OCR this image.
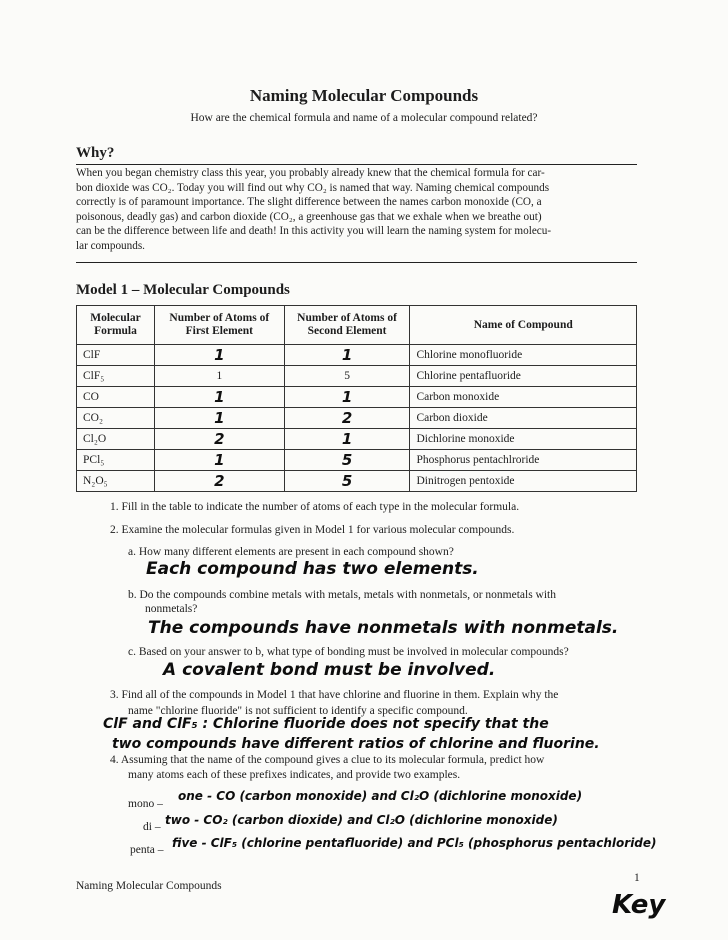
Naming Molecular Compounds
How are the chemical formula and name of a molecular compound related?
Why?
When you began chemistry class this year, you probably already knew that the chemical formula for car-
bon dioxide was CO₂. Today you will find out why CO₂ is named that way. Naming chemical compounds
correctly is of paramount importance. The slight difference between the names carbon monoxide (CO, a
poisonous, deadly gas) and carbon dioxide (CO₂, a greenhouse gas that we exhale when we breathe out)
can be the difference between life and death! In this activity you will learn the naming system for molecu-
lar compounds.
Model 1 – Molecular Compounds
Molecular Formula	Number of Atoms of First Element	Number of Atoms of Second Element	Name of Compound
ClF	1	1	Chlorine monofluoride
ClF₅	1	5	Chlorine pentafluoride
CO	1	1	Carbon monoxide
CO₂	1	2	Carbon dioxide
Cl₂O	2	1	Dichlorine monoxide
PCl₅	1	5	Phosphorus pentachlroride
N₂O₅	2	5	Dinitrogen pentoxide
1. Fill in the table to indicate the number of atoms of each type in the molecular formula.
2. Examine the molecular formulas given in Model 1 for various molecular compounds.
a. How many different elements are present in each compound shown?
Each compound has two elements.
b. Do the compounds combine metals with metals, metals with nonmetals, or nonmetals with
nonmetals?
The compounds have nonmetals with nonmetals.
c. Based on your answer to b, what type of bonding must be involved in molecular compounds?
A covalent bond must be involved.
3. Find all of the compounds in Model 1 that have chlorine and fluorine in them. Explain why the
name "chlorine fluoride" is not sufficient to identify a specific compound.
ClF and ClF₅ : Chlorine fluoride does not specify that the
two compounds have different ratios of chlorine and fluorine.
4. Assuming that the name of the compound gives a clue to its molecular formula, predict how
many atoms each of these prefixes indicates, and provide two examples.
mono –
one - CO (carbon monoxide) and Cl₂O (dichlorine monoxide)
di – two - CO₂ (carbon dioxide) and Cl₂O (dichlorine monoxide)
penta – five - ClF₅ (chlorine pentafluoride) and PCl₅ (phosphorus pentachloride)
Naming Molecular Compounds
1
Key
